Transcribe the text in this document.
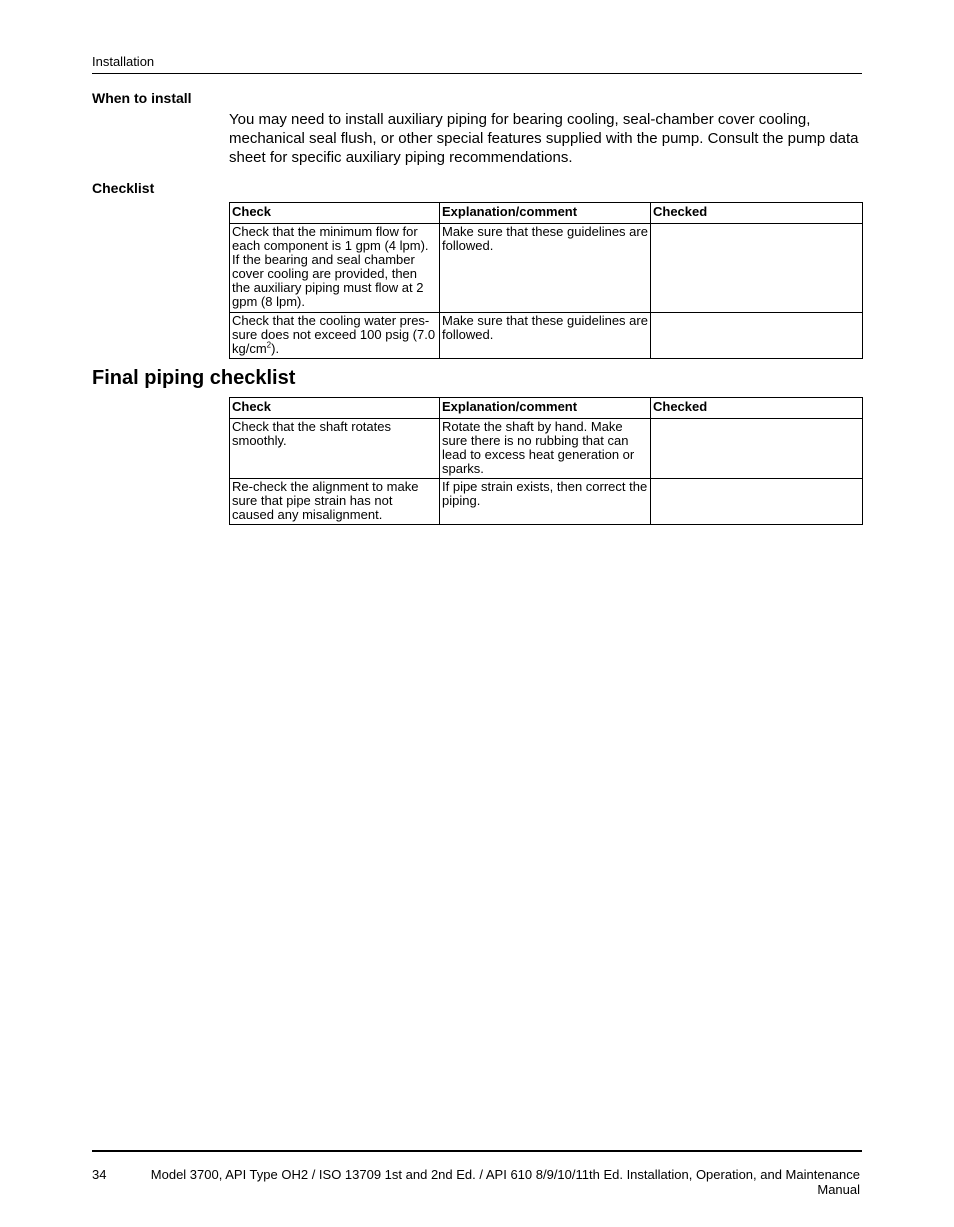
Installation
When to install
You may need to install auxiliary piping for bearing cooling, seal-chamber cover cooling, mechanical seal flush, or other special features supplied with the pump. Consult the pump data sheet for specific auxiliary piping recommendations.
Checklist
Check	Explanation/comment	Checked
Check that the minimum flow for each component is 1 gpm (4 lpm). If the bearing and seal chamber cover cooling are provided, then the auxiliary piping must flow at 2 gpm (8 lpm).	Make sure that these guidelines are followed.	
Check that the cooling water pres-sure does not exceed 100 psig (7.0 $kg/cm^2$).	Make sure that these guidelines are followed.	
Final piping checklist
Check	Explanation/comment	Checked
Check that the shaft rotates smoothly.	Rotate the shaft by hand. Make sure there is no rubbing that can lead to excess heat generation or sparks.	
Re-check the alignment to make sure that pipe strain has not caused any misalignment.	If pipe strain exists, then correct the piping.	
34	Model 3700, API Type OH2 / ISO 13709 1st and 2nd Ed. / API 610 8/9/10/11th Ed. Installation, Operation, and Maintenance Manual
